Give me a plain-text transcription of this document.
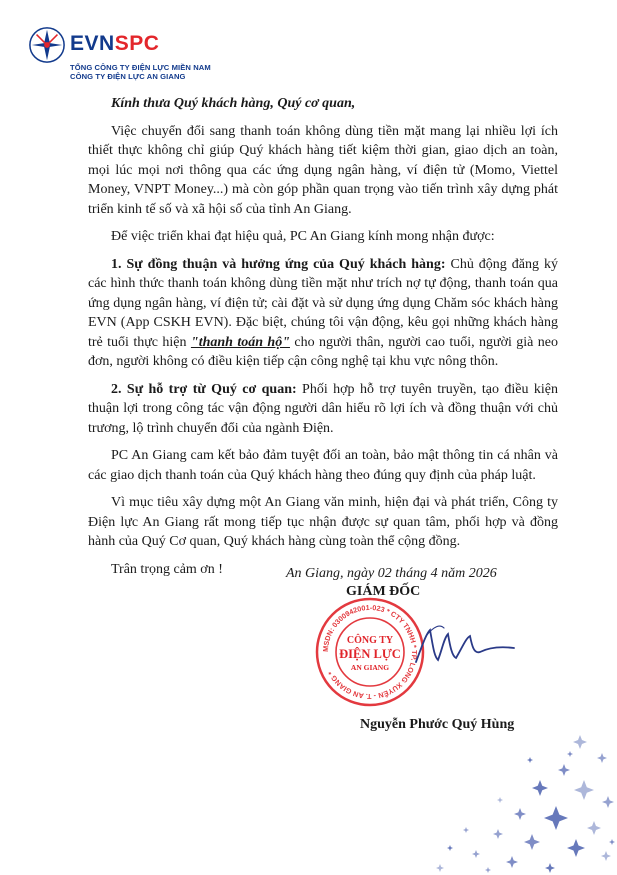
EVNSPC
TỔNG CÔNG TY ĐIỆN LỰC MIỀN NAM
CÔNG TY ĐIỆN LỰC AN GIANG

Kính thưa Quý khách hàng, Quý cơ quan,

Việc chuyển đổi sang thanh toán không dùng tiền mặt mang lại nhiều lợi ích thiết thực không chỉ giúp Quý khách hàng tiết kiệm thời gian, giao dịch an toàn, mọi lúc mọi nơi thông qua các ứng dụng ngân hàng, ví điện tử (Momo, Viettel Money, VNPT Money...) mà còn góp phần quan trọng vào tiến trình xây dựng phát triển kinh tế số và xã hội số của tỉnh An Giang.

Để việc triển khai đạt hiệu quả, PC An Giang kính mong nhận được:

1. Sự đồng thuận và hưởng ứng của Quý khách hàng: Chủ động đăng ký các hình thức thanh toán không dùng tiền mặt như trích nợ tự động, thanh toán qua ứng dụng ngân hàng, ví điện tử; cài đặt và sử dụng ứng dụng Chăm sóc khách hàng EVN (App CSKH EVN). Đặc biệt, chúng tôi vận động, kêu gọi những khách hàng trẻ tuổi thực hiện "thanh toán hộ" cho người thân, người cao tuổi, người già neo đơn, người không có điều kiện tiếp cận công nghệ tại khu vực nông thôn.

2. Sự hỗ trợ từ Quý cơ quan: Phối hợp hỗ trợ tuyên truyền, tạo điều kiện thuận lợi trong công tác vận động người dân hiểu rõ lợi ích và đồng thuận với chủ trương, lộ trình chuyển đổi của ngành Điện.

PC An Giang cam kết bảo đảm tuyệt đối an toàn, bảo mật thông tin cá nhân và các giao dịch thanh toán của Quý khách hàng theo đúng quy định của pháp luật.

Vì mục tiêu xây dựng một An Giang văn minh, hiện đại và phát triển, Công ty Điện lực An Giang rất mong tiếp tục nhận được sự quan tâm, phối hợp và đồng hành của Quý Cơ quan, Quý khách hàng cùng toàn thể cộng đồng.

Trân trọng cảm ơn !	An Giang, ngày 02 tháng 4 năm 2026
GIÁM ĐỐC
MSDN: 0300942001-023 * CTY TNHH * TP. LONG XUYÊN - T. AN GIANG *
CÔNG TY
ĐIỆN LỰC
AN GIANG
Nguyễn Phước Quý Hùng
